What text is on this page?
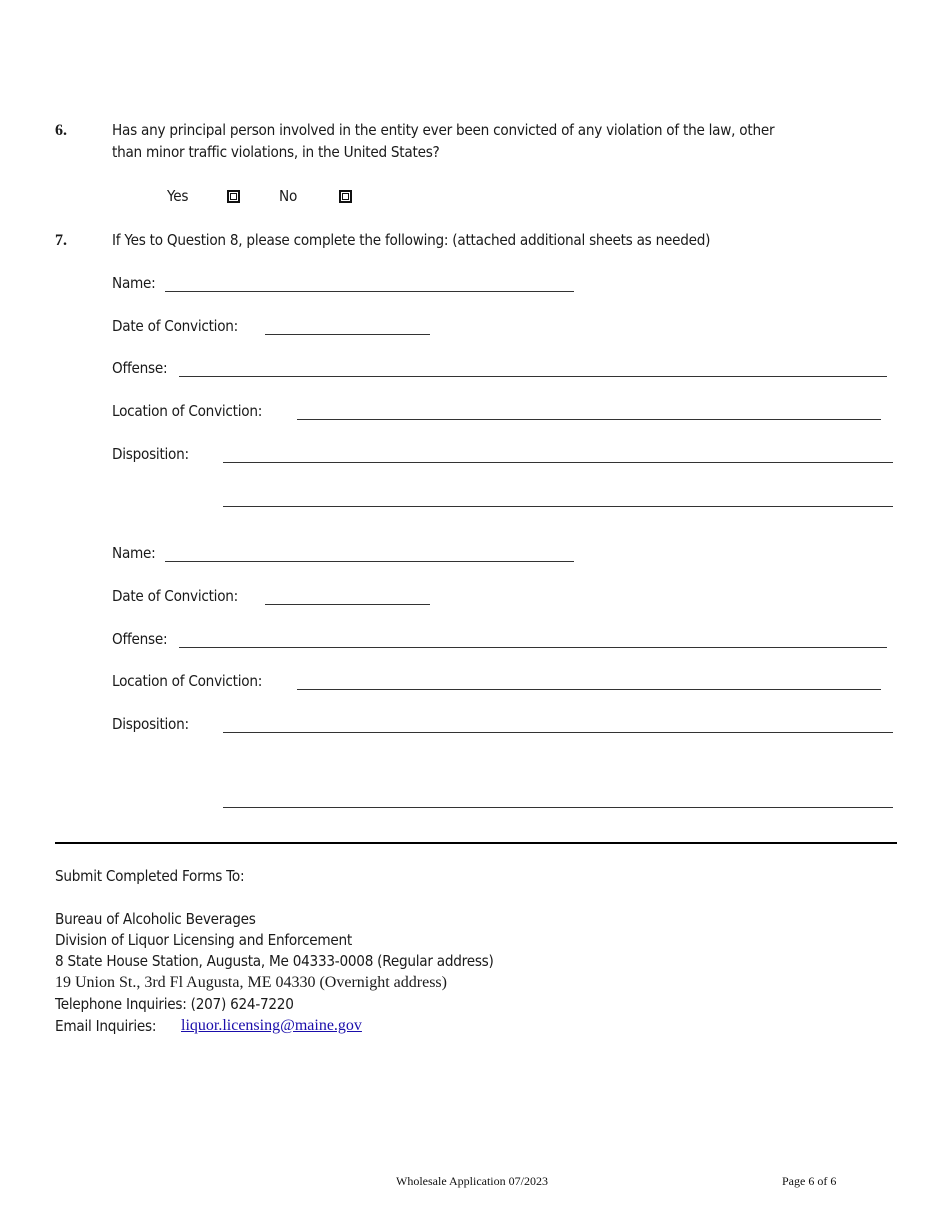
6.	Has any principal person involved in the entity ever been convicted of any violation of the law, other
than minor traffic violations, in the United States?
Yes	No
7.	If Yes to Question 8, please complete the following: (attached additional sheets as needed)
Name:
Date of Conviction:
Offense:
Location of Conviction:
Disposition:
Name:
Date of Conviction:
Offense:
Location of Conviction:
Disposition:
Submit Completed Forms To:
Bureau of Alcoholic Beverages
Division of Liquor Licensing and Enforcement
8 State House Station, Augusta, Me 04333-0008 (Regular address)
19 Union St., 3rd Fl Augusta, ME 04330 (Overnight address)
Telephone Inquiries: (207) 624-7220
Email Inquiries: liquor.licensing@maine.gov
Wholesale Application 07/2023	Page 6 of 6
